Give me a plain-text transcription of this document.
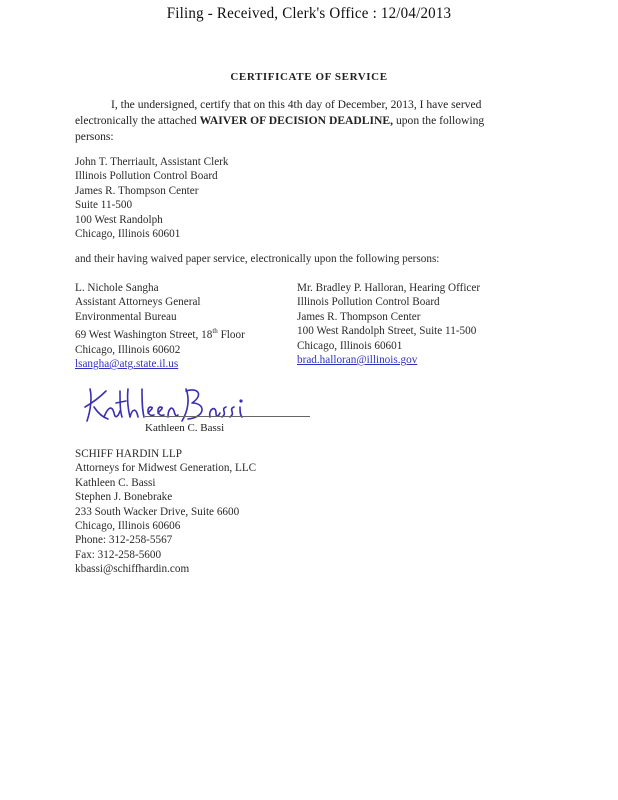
Filing - Received, Clerk's Office : 12/04/2013
CERTIFICATE OF SERVICE
I, the undersigned, certify that on this 4th day of December, 2013, I have served electronically the attached WAIVER OF DECISION DEADLINE, upon the following persons:
John T. Therriault, Assistant Clerk
Illinois Pollution Control Board
James R. Thompson Center
Suite 11-500
100 West Randolph
Chicago, Illinois 60601
and their having waived paper service, electronically upon the following persons:
L. Nichole Sangha
Assistant Attorneys General
Environmental Bureau
69 West Washington Street, 18th Floor
Chicago, Illinois 60602
lsangha@atg.state.il.us
Mr. Bradley P. Halloran, Hearing Officer
Illinois Pollution Control Board
James R. Thompson Center
100 West Randolph Street, Suite 11-500
Chicago, Illinois 60601
brad.halloran@illinois.gov
Kathleen C. Bassi
SCHIFF HARDIN LLP
Attorneys for Midwest Generation, LLC
Kathleen C. Bassi
Stephen J. Bonebrake
233 South Wacker Drive, Suite 6600
Chicago, Illinois 60606
Phone: 312-258-5567
Fax: 312-258-5600
kbassi@schiffhardin.com
